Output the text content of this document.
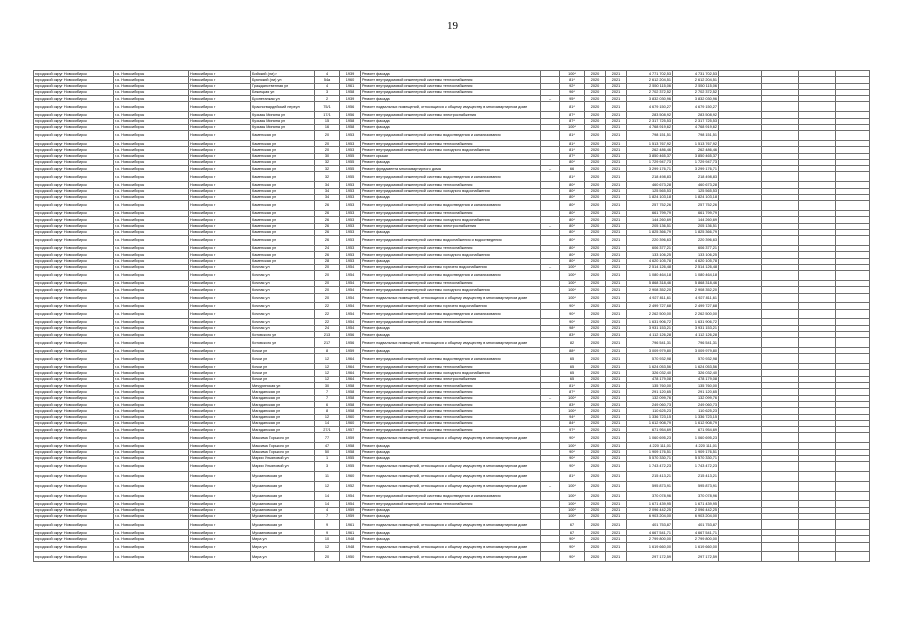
19
городской округ Новосибирск	г.о. Новосибирск	Новосибирск г	Бийский (ли) г	4	1939	Ремонт фасада		100*	2020	2021	4 771 702,53	4 731 702,53				
городской округ Новосибирск	г.о. Новосибирск	Новосибирск г	Брянский (ли) ул	54а	1960	Ремонт внутридомовой инженерной системы теплоснабжения		81*	2020	2021	2 612 204,51	2 612 204,51				
городской округ Новосибирск	г.о. Новосибирск	Новосибирск г	Гражданственная ул	4	1961	Ремонт внутридомовой инженерной системы теплоснабжения		92*	2020	2021	2 550 115,06	2 550 115,06				
городской округ Новосибирск	г.о. Новосибирск	Новосибирск г	Бежецкая ул	3	1958	Ремонт внутридомовой инженерной системы теплоснабжения		96*	2020	2021	2 702 372,52	2 702 372,52				
городской округ Новосибирск	г.о. Новосибирск	Новосибирск г	Бронетанкая ул	2	1939	Ремонт фасада	–	95*	2020	2021	3 832 030,96	3 832 030,96				
городской округ Новосибирск	г.о. Новосибирск	Новосибирск г	Красногвардейский переул	75/1	1956	Ремонт подвальных помещений, относящихся к общему имуществу в многоквартирном доме		81*	2020	2021	4 679 150,27	4 679 150,27				
городской округ Новосибирск	г.о. Новосибирск	Новосибирск г	Кузьмы Минина ул	17/1	1956	Ремонт внутридомовой инженерной системы электроснабжения		87*	2020	2021	283 508,92	283 508,92				
городской округ Новосибирск	г.о. Новосибирск	Новосибирск г	Кузьмы Минина ул	15	1958	Ремонт фасада		87*	2020	2021	2 317 725,53	2 317 725,53				
городской округ Новосибирск	г.о. Новосибирск	Новосибирск г	Кузьмы Минина ул	16	1958	Ремонт фасада		100*	2020	2021	4 768 919,62	4 768 919,62				
городской округ Новосибирск	г.о. Новосибирск	Новосибирск г	Каменская ул	20	1953	Ремонт внутридомовой инженерной системы водоотведения и канализования		81*	2020	2021	798 151,51	798 151,51				
городской округ Новосибирск	г.о. Новосибирск	Новосибирск г	Каменская ул	20	1953	Ремонт внутридомовой инженерной системы теплоснабжения		81*	2020	2021	1 513 767,92	1 513 767,92				
городской округ Новосибирск	г.о. Новосибирск	Новосибирск г	Каменская ул	20	1953	Ремонт внутридомовой инженерной системы холодного водоснабжения		81*	2020	2021	262 486,46	262 486,46				
городской округ Новосибирск	г.о. Новосибирск	Новосибирск г	Каменская ул	30	1955	Ремонт крыши		87*	2020	2021	3 850 465,37	3 850 465,37				
городской округ Новосибирск	г.о. Новосибирск	Новосибирск г	Каменская ул	32	1955	Ремонт фасада		80*	2020	2021	1 729 947,73	1 729 947,73				
городской округ Новосибирск	г.о. Новосибирск	Новосибирск г	Каменская ул	32	1955	Ремонт фундамента многоквартирного дома	–	66	2020	2021	3 299 176,71	3 299 176,71				
городской округ Новосибирск	г.о. Новосибирск	Новосибирск г	Каменская ул	32	1955	Ремонт внутридомовой инженерной системы водоотведения и канализования		81*	2020	2021	218 498,83	218 498,83				
городской округ Новосибирск	г.о. Новосибирск	Новосибирск г	Каменская ул	34	1953	Ремонт внутридомовой инженерной системы теплоснабжения		80*	2020	2021	460 673,28	460 673,28				
городской округ Новосибирск	г.о. Новосибирск	Новосибирск г	Каменская ул	34	1953	Ремонт внутридомовой инженерной системы холодного водоснабжения		80*	2020	2021	125 565,53	125 565,53				
городской округ Новосибирск	г.о. Новосибирск	Новосибирск г	Каменская ул	34	1953	Ремонт фасада		80*	2020	2021	1 824 103,18	1 824 103,18				
городской округ Новосибирск	г.о. Новосибирск	Новосибирск г	Каменская ул	26	1953	Ремонт внутридомовой инженерной системы водоотведения и канализования		80*	2020	2021	257 752,26	257 752,26				
городской округ Новосибирск	г.о. Новосибирск	Новосибирск г	Каменская ул	26	1953	Ремонт внутридомовой инженерной системы теплоснабжения		80*	2020	2021	661 799,79	661 799,79				
городской округ Новосибирск	г.о. Новосибирск	Новосибирск г	Каменская ул	26	1953	Ремонт внутридомовой инженерной системы холодного водоснабжения		80*	2020	2021	144 260,69	144 260,69				
городской округ Новосибирск	г.о. Новосибирск	Новосибирск г	Каменская ул	26	1953	Ремонт внутридомовой инженерной системы электроснабжения	–	80*	2020	2021	205 136,51	205 136,51				
городской округ Новосибирск	г.о. Новосибирск	Новосибирск г	Каменская ул	26	1953	Ремонт фасада		80*	2020	2021	1 825 366,79	1 825 366,79				
городской округ Новосибирск	г.о. Новосибирск	Новосибирск г	Каменская ул	26	1953	Ремонт внутридомовой инженерной системы водоснабжения и водоотведения		80*	2020	2021	220 396,63	220 396,63				
городской округ Новосибирск	г.о. Новосибирск	Новосибирск г	Каменская ул	24	1953	Ремонт внутридомовой инженерной системы теплоснабжения		80*	2020	2021	606 377,21	606 377,21				
городской округ Новосибирск	г.о. Новосибирск	Новосибирск г	Каменская ул	26	1953	Ремонт внутридомовой инженерной системы холодного водоснабжения		80*	2020	2021	133 106,25	133 106,25				
городской округ Новосибирск	г.о. Новосибирск	Новосибирск г	Каменская ул	28	1953	Ремонт фасада		80*	2020	2021	4 620 105,78	4 620 105,78				
городской округ Новосибирск	г.о. Новосибирск	Новосибирск г	Кочная ул	20	1954	Ремонт внутридомовой инженерной системы горячего водоснабжения	–	100*	2020	2021	2 514 126,48	2 514 126,48				
городской округ Новосибирск	г.о. Новосибирск	Новосибирск г	Кочная ул	20	1954	Ремонт внутридомовой инженерной системы водоотведения и канализования		100*	2020	2021	1 080 464,18	1 080 464,18				
городской округ Новосибирск	г.о. Новосибирск	Новосибирск г	Кочная ул	20	1954	Ремонт внутридомовой инженерной системы теплоснабжения		100*	2020	2021	5 868 318,46	5 868 318,46				
городской округ Новосибирск	г.о. Новосибирск	Новосибирск г	Кочная ул	20	1954	Ремонт внутридомовой инженерной системы холодного водоснабжения		100*	2020	2021	2 908 352,20	2 908 352,20				
городской округ Новосибирск	г.о. Новосибирск	Новосибирск г	Кочная ул	20	1954	Ремонт подвальных помещений, относящихся к общему имуществу в многоквартирном доме		100*	2020	2021	4 927 811,61	4 927 811,61				
городской округ Новосибирск	г.о. Новосибирск	Новосибирск г	Кочная ул	22	1954	Ремонт внутридомовой инженерной системы горячего водоснабжения		90*	2020	2021	2 499 727,68	2 499 727,68				
городской округ Новосибирск	г.о. Новосибирск	Новосибирск г	Кочная ул	22	1954	Ремонт внутридомовой инженерной системы водоотведения и канализования		90*	2020	2021	2 262 500,00	2 262 500,00				
городской округ Новосибирск	г.о. Новосибирск	Новосибирск г	Кочная ул	22	1954	Ремонт внутридомовой инженерной системы теплоснабжения		90*	2020	2021	1 631 906,72	1 631 906,72				
городской округ Новосибирск	г.о. Новосибирск	Новосибирск г	Кочная ул	24	1954	Ремонт фасада		98*	2020	2021	3 931 153,21	3 931 153,21				
городской округ Новосибирск	г.о. Новосибирск	Новосибирск г	Котовского ул	213	1956	Ремонт фасада		83*	2020	2021	4 112 126,28	4 112 126,28				
городской округ Новосибирск	г.о. Новосибирск	Новосибирск г	Котовского ул	217	1956	Ремонт подвальных помещений, относящихся к общему имуществу в многоквартирном доме		82	2020	2021	796 541,31	796 541,31				
городской округ Новосибирск	г.о. Новосибирск	Новосибирск г	Кочки ул	8	1959	Ремонт фасада		88*	2020	2021	3 009 979,80	3 009 979,80				
городской округ Новосибирск	г.о. Новосибирск	Новосибирск г	Кочки ул	12	1964	Ремонт внутридомовой инженерной системы водоотведения и канализования		65	2020	2021	570 932,98	570 932,98				
городской округ Новосибирск	г.о. Новосибирск	Новосибирск г	Кочки ул	12	1964	Ремонт внутридомовой инженерной системы теплоснабжения		65	2020	2021	1 624 053,56	1 624 053,56				
городской округ Новосибирск	г.о. Новосибирск	Новосибирск г	Кочки ул	12	1964	Ремонт внутридомовой инженерной системы холодного водоснабжения		65	2020	2021	326 032,40	326 032,40				
городской округ Новосибирск	г.о. Новосибирск	Новосибирск г	Кочки ул	12	1964	Ремонт внутридомовой инженерной системы электроснабжения		65	2020	2021	478 179,08	478 179,08				
городской округ Новосибирск	г.о. Новосибирск	Новосибирск г	Мичуринская ул	30	1958	Ремонт внутридомовой инженерной системы теплоснабжения		81*	2020	2021	135 760,00	135 760,00				
городской округ Новосибирск	г.о. Новосибирск	Новосибирск г	Магаданская ул	7	1958	Ремонт внутридомовой инженерной системы теплоснабжения		87*	2020	2021	291 120,65	291 120,65				
городской округ Новосибирск	г.о. Новосибирск	Новосибирск г	Магаданская ул	7	1958	Ремонт внутридомовой инженерной системы теплоснабжения	–	100*	2020	2021	132 099,76	132 099,76				
городской округ Новосибирск	г.о. Новосибирск	Новосибирск г	Магаданская ул	6	1958	Ремонт внутридомовой инженерной системы теплоснабжения		83*	2020	2021	249 060,73	249 060,73				
городской округ Новосибирск	г.о. Новосибирск	Новосибирск г	Магаданская ул	8	1958	Ремонт внутридомовой инженерной системы теплоснабжения		100*	2020	2021	110 625,23	110 625,23				
городской округ Новосибирск	г.о. Новосибирск	Новосибирск г	Магаданская ул	12	1960	Ремонт внутридомовой инженерной системы теплоснабжения		94*	2020	2021	1 336 723,15	1 336 723,15				
городской округ Новосибирск	г.о. Новосибирск	Новосибирск г	Магаданская ул	14	1960	Ремонт внутридомовой инженерной системы теплоснабжения		84*	2020	2021	1 612 908,79	1 612 908,79				
городской округ Новосибирск	г.о. Новосибирск	Новосибирск г	Магаданская ул	27/1	1957	Ремонт внутридомовой инженерной системы теплоснабжения		97*	2020	2021	671 954,69	671 954,69				
городской округ Новосибирск	г.о. Новосибирск	Новосибирск г	Максима Горького ул	77	1959	Ремонт подвальных помещений, относящихся к общему имуществу в многоквартирном доме		90*	2020	2021	1 060 695,23	1 060 695,23				
городской округ Новосибирск	г.о. Новосибирск	Новосибирск г	Максима Горького ул	47	1958	Ремонт фасада		100*	2020	2021	4 220 111,01	4 220 111,01				
городской округ Новосибирск	г.о. Новосибирск	Новосибирск г	Максима Горького ул	50	1958	Ремонт фасада		90*	2020	2021	1 909 176,51	1 909 176,51				
городской округ Новосибирск	г.о. Новосибирск	Новосибирск г	Марии Ульяновой ул	1	1955	Ремонт фасада		90*	2020	2021	5 570 330,71	5 570 330,71				
городской округ Новосибирск	г.о. Новосибирск	Новосибирск г	Марии Ульяновой ул	3	1955	Ремонт подвальных помещений, относящихся к общему имуществу в многоквартирном доме		90*	2020	2021	1 743 472,23	1 743 472,23				
городской округ Новосибирск	г.о. Новосибирск	Новосибирск г	Мусаиновская ул	11	1960	Ремонт подвальных помещений, относящихся к общему имуществу в многоквартирном доме		81*	2020	2021	215 413,21	215 413,21				
городской округ Новосибирск	г.о. Новосибирск	Новосибирск г	Мусаиновская ул	12	1952	Ремонт подвальных помещений, относящихся к общему имуществу в многоквартирном доме	–	100*	2020	2021	595 873,91	595 873,91				
городской округ Новосибирск	г.о. Новосибирск	Новосибирск г	Мусаиновская ул	14	1954	Ремонт внутридомовой инженерной системы водоотведения и канализования		100*	2020	2021	370 078,96	370 078,96				
городской округ Новосибирск	г.о. Новосибирск	Новосибирск г	Мусаиновская ул	14	1954	Ремонт внутридомовой инженерной системы теплоснабжения		100*	2020	2021	1 671 439,95	1 671 439,95				
городской округ Новосибирск	г.о. Новосибирск	Новосибирск г	Мусаиновская ул	4	1959	Ремонт фасада		100*	2020	2021	2 096 442,25	2 096 442,25				
городской округ Новосибирск	г.о. Новосибирск	Новосибирск г	Мусаиновская ул	7	1959	Ремонт фасада		100*	2020	2021	6 903 204,00	6 903 204,00				
городской округ Новосибирск	г.о. Новосибирск	Новосибирск г	Мусаиновская ул	9	1961	Ремонт подвальных помещений, относящихся к общему имуществу в многоквартирном доме		67	2020	2021	401 753,87	401 753,87				
городской округ Новосибирск	г.о. Новосибирск	Новосибирск г	Мусаиновская ул	9	1961	Ремонт фасада		67	2020	2021	4 667 541,71	4 667 541,71				
городской округ Новосибирск	г.о. Новосибирск	Новосибирск г	Мира ул	10	1948	Ремонт фасада		90*	2020	2021	2 799 800,00	2 799 800,00				
городской округ Новосибирск	г.о. Новосибирск	Новосибирск г	Мира ул	12	1948	Ремонт подвальных помещений, относящихся к общему имуществу в многоквартирном доме		90*	2020	2021	1 619 660,00	1 619 660,00				
городской округ Новосибирск	г.о. Новосибирск	Новосибирск г	Мира ул	20	1950	Ремонт подвальных помещений, относящихся к общему имуществу в многоквартирном доме		90*	2020	2021	297 172,59	297 172,59				
